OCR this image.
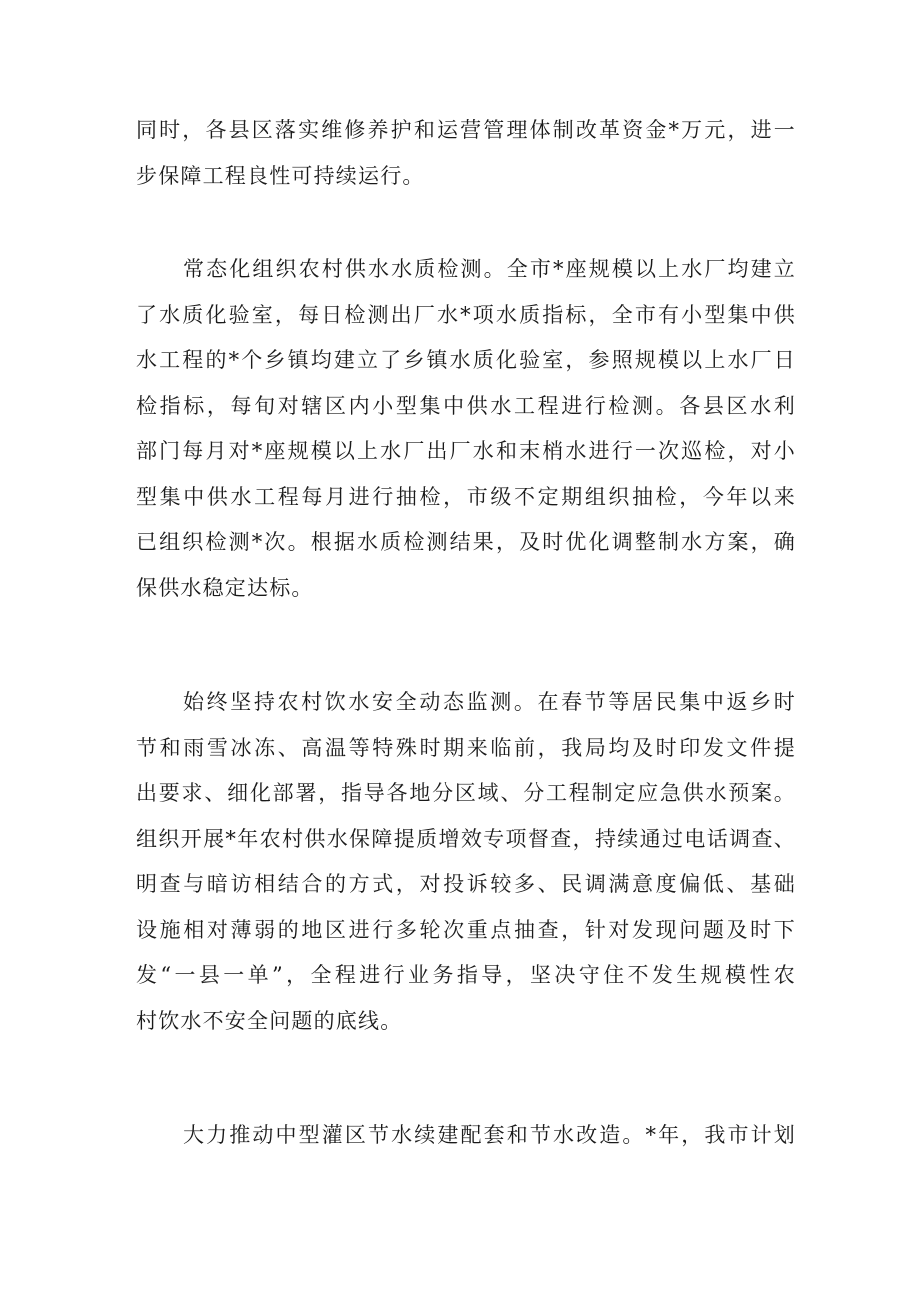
同时，各县区落实维修养护和运营管理体制改革资金*万元，进一
步保障工程良性可持续运行。
常态化组织农村供水水质检测。全市*座规模以上水厂均建立
了水质化验室，每日检测出厂水*项水质指标，全市有小型集中供
水工程的*个乡镇均建立了乡镇水质化验室，参照规模以上水厂日
检指标，每旬对辖区内小型集中供水工程进行检测。各县区水利
部门每月对*座规模以上水厂出厂水和末梢水进行一次巡检，对小
型集中供水工程每月进行抽检，市级不定期组织抽检，今年以来
已组织检测*次。根据水质检测结果，及时优化调整制水方案，确
保供水稳定达标。
始终坚持农村饮水安全动态监测。在春节等居民集中返乡时
节和雨雪冰冻、高温等特殊时期来临前，我局均及时印发文件提
出要求、细化部署，指导各地分区域、分工程制定应急供水预案。
组织开展*年农村供水保障提质增效专项督查，持续通过电话调查、
明查与暗访相结合的方式，对投诉较多、民调满意度偏低、基础
设施相对薄弱的地区进行多轮次重点抽查，针对发现问题及时下
发“一县一单”，全程进行业务指导，坚决守住不发生规模性农
村饮水不安全问题的底线。
大力推动中型灌区节水续建配套和节水改造。*年，我市计划
